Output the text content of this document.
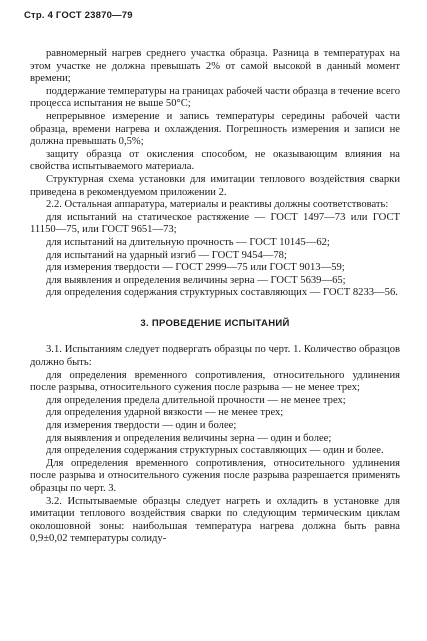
Стр. 4 ГОСТ 23870—79

равномерный нагрев среднего участка образца. Разница в температурах на этом участке не должна превышать 2% от самой высокой в данный момент времени;

поддержание температуры на границах рабочей части образца в течение всего процесса испытания не выше 50°С;

непрерывное измерение и запись температуры середины рабочей части образца, времени нагрева и охлаждения. Погрешность измерения и записи не должна превышать 0,5%;

защиту образца от окисления способом, не оказывающим влияния на свойства испытываемого материала.

Структурная схема установки для имитации теплового воздействия сварки приведена в рекомендуемом приложении 2.

2.2. Остальная аппаратура, материалы и реактивы должны соответствовать:

для испытаний на статическое растяжение — ГОСТ 1497—73 или ГОСТ 11150—75, или ГОСТ 9651—73;

для испытаний на длительную прочность — ГОСТ 10145—62;

для испытаний на ударный изгиб — ГОСТ 9454—78;

для измерения твердости — ГОСТ 2999—75 или ГОСТ 9013—59;

для выявления и определения величины зерна — ГОСТ 5639—65;

для определения содержания структурных составляющих — ГОСТ 8233—56.

3. ПРОВЕДЕНИЕ ИСПЫТАНИЙ

3.1. Испытаниям следует подвергать образцы по черт. 1. Количество образцов должно быть:

для определения временного сопротивления, относительного удлинения после разрыва, относительного сужения после разрыва — не менее трех;

для определения предела длительной прочности — не менее трех;

для определения ударной вязкости — не менее трех;

для измерения твердости — один и более;

для выявления и определения величины зерна — один и более;

для определения содержания структурных составляющих — один и более.

Для определения временного сопротивления, относительного удлинения после разрыва и относительного сужения после разрыва разрешается применять образцы по черт. 3.

3.2. Испытываемые образцы следует нагреть и охладить в установке для имитации теплового воздействия сварки по следующим термическим циклам околошовной зоны: наибольшая температура нагрева должна быть равна 0,9±0,02 температуры солиду-
